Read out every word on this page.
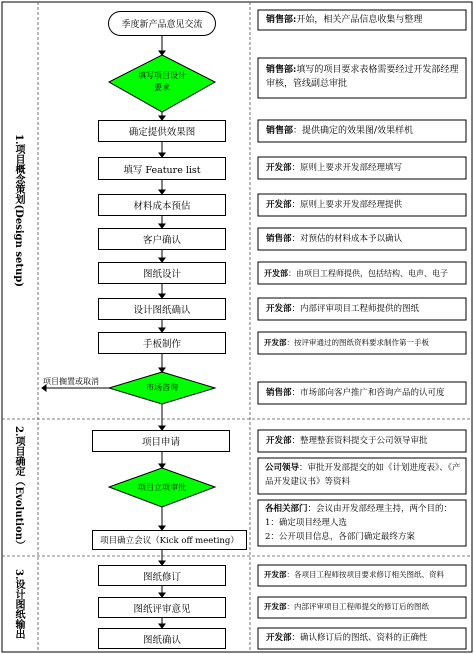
1.项目概念策划(Design setup)
2.项目确定（Evolution）
3.设计图纸输出
季度新产品意见交流
填写项目设计
要求
确定提供效果图
填写 Feature list
材料成本预估
客户确认
图纸设计
设计图纸确认
手板制作
市场咨询
项目搁置或取消
项目申请
项目立项审批
项目确立会议（Kick off meeting）
图纸修订
图纸评审意见
图纸确认
销售部:开始，相关产品信息收集与整理
销售部:填写的项目要求表格需要经过开发部经理审核，管线副总审批
销售部：提供确定的效果图/效果样机
开发部：原则上要求开发部经理填写
开发部：原则上要求开发部经理提供
销售部：对预估的材料成本予以确认
开发部：由项目工程师提供，包括结构、电声、电子
开发部：内部评审项目工程师提供的图纸
开发部：按评审通过的图纸资料要求制作第一手板
销售部：市场部向客户推广和咨询产品的认可度
开发部：整理整套资料提交于公司领导审批
公司领导：审批开发部提交的如《计划进度表》、《产品开发建议书》等资料
各相关部门：会议由开发部经理主持，两个目的：
1：确定项目经理人选
2：公开项目信息，各部门确定最终方案
开发部：各项目工程师按项目要求修订相关图纸、资料
开发部：内部评审项目工程师提交的修订后的图纸
开发部：确认修订后的图纸、资料的正确性
